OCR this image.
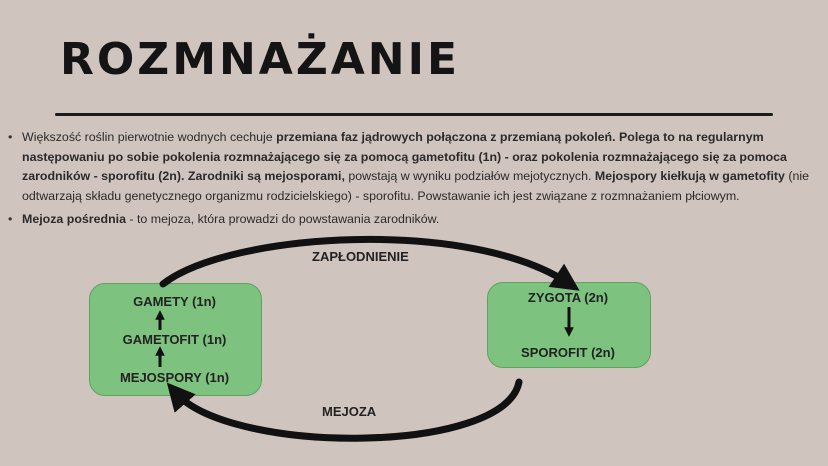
ROZMNAŻANIE
• Większość roślin pierwotnie wodnych cechuje przemiana faz jądrowych połączona z przemianą pokoleń. Polega to na regularnym następowaniu po sobie pokolenia rozmnażającego się za pomocą gametofitu (1n) - oraz pokolenia rozmnażającego się za pomoca zarodników - sporofitu (2n). Zarodniki są mejosporami, powstają w wyniku podziałów mejotycznych. Mejospory kiełkują w gametofity (nie odtwarzają składu genetycznego organizmu rodzicielskiego) - sporofitu. Powstawanie ich jest związane z rozmnażaniem płciowym.
• Mejoza pośrednia - to mejoza, która prowadzi do powstawania zarodników.
ZAPŁODNIENIE
MEJOZA
GAMETY (1n)
GAMETOFIT (1n)
MEJOSPORY (1n)
ZYGOTA (2n)
SPOROFIT (2n)
